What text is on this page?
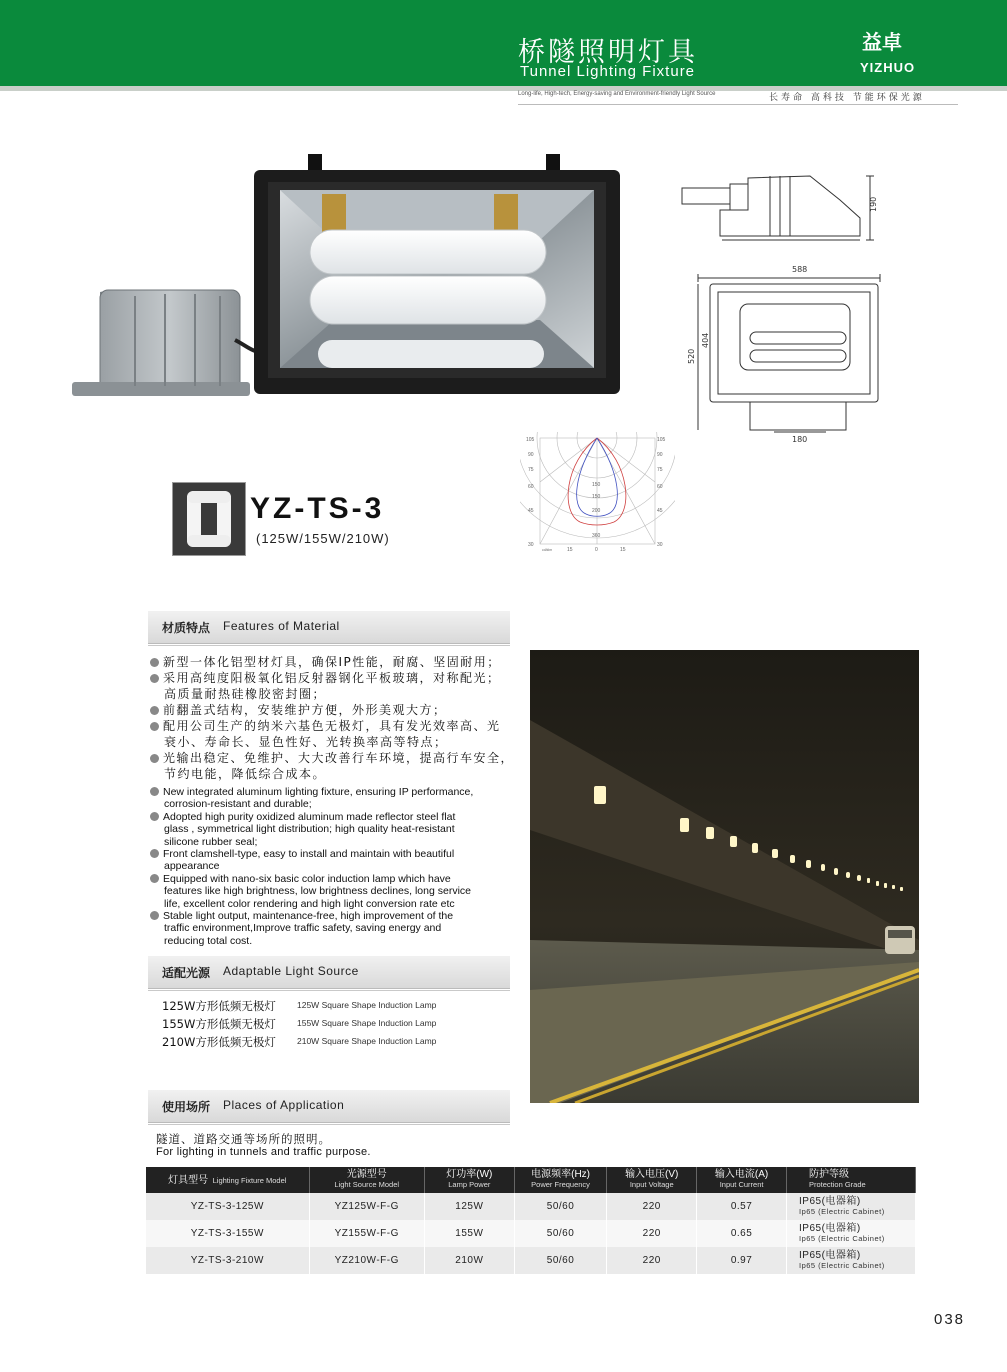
桥隧照明灯具
Tunnel Lighting Fixture
益卓
YIZHUO
Long-life, High-tech, Energy-saving and Environment-friendly Light Source	长寿命 高科技 节能环保光源
YZ-TS-3
(125W/155W/210W)
190
588
520
404
180
105
90
75
60
45
30
105
90
75
60
45
30
150
150
200
360
15	0	15
cd/klm
材质特点 Features of Material
新型一体化铝型材灯具，确保IP性能，耐腐、坚固耐用；
采用高纯度阳极氧化铝反射器钢化平板玻璃，对称配光；
高质量耐热硅橡胶密封圈；
前翻盖式结构，安装维护方便，外形美观大方；
配用公司生产的纳米六基色无极灯，具有发光效率高、光
衰小、寿命长、显色性好、光转换率高等特点；
光输出稳定、免维护、大大改善行车环境，提高行车安全，
节约电能，降低综合成本。
New integrated aluminum lighting fixture, ensuring IP performance,
corrosion-resistant and durable;
Adopted high purity oxidized aluminum made reflector steel flat
glass , symmetrical light distribution; high quality heat-resistant
silicone rubber seal;
Front clamshell-type, easy to install and maintain with beautiful
appearance
Equipped with nano-six basic color induction lamp which have
features like high brightness, low brightness declines, long service
life, excellent color rendering and high light conversion rate etc
Stable light output, maintenance-free, high improvement of the
traffic environment,Improve traffic safety, saving energy and
reducing total cost.
适配光源 Adaptable Light Source
125W方形低频无极灯 125W Square Shape Induction Lamp
155W方形低频无极灯 155W Square Shape Induction Lamp
210W方形低频无极灯 210W Square Shape Induction Lamp
使用场所 Places of Application
隧道、道路交通等场所的照明。
For lighting in tunnels and traffic purpose.
灯具型号 Lighting Fixture Model	光源型号
Light Source Model	灯功率(W)
Lamp Power	电源频率(Hz)
Power Frequency	输入电压(V)
Input Voltage	输入电流(A)
Input Current	防护等级
Protection Grade

YZ-TS-3-125W	YZ125W-F-G	125W	50/60	220	0.57	IP65(电器箱)
Ip65 (Electric Cabinet)

YZ-TS-3-155W	YZ155W-F-G	155W	50/60	220	0.65	IP65(电器箱)
Ip65 (Electric Cabinet)

YZ-TS-3-210W	YZ210W-F-G	210W	50/60	220	0.97	IP65(电器箱)
Ip65 (Electric Cabinet)
038
